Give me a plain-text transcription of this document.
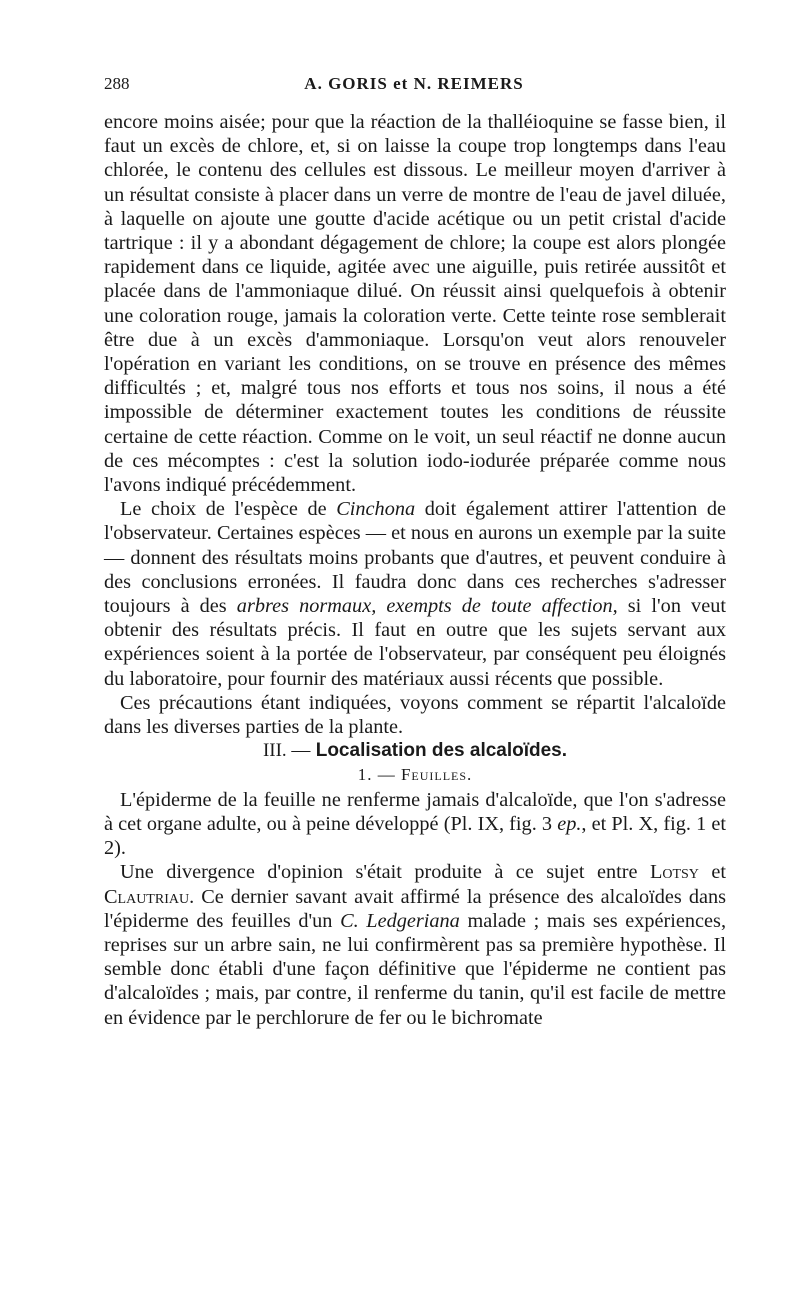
288	A. GORIS et N. REIMERS

encore moins aisée; pour que la réaction de la thalléioquine se fasse bien, il faut un excès de chlore, et, si on laisse la coupe trop longtemps dans l'eau chlorée, le contenu des cellules est dissous. Le meilleur moyen d'arriver à un résultat consiste à placer dans un verre de montre de l'eau de javel diluée, à laquelle on ajoute une goutte d'acide acétique ou un petit cristal d'acide tartrique : il y a abondant dégagement de chlore; la coupe est alors plongée rapidement dans ce liquide, agitée avec une aiguille, puis retirée aussitôt et placée dans de l'ammoniaque dilué. On réussit ainsi quelquefois à obtenir une coloration rouge, jamais la coloration verte. Cette teinte rose semblerait être due à un excès d'ammoniaque. Lorsqu'on veut alors renouveler l'opération en variant les conditions, on se trouve en présence des mêmes difficultés ; et, malgré tous nos efforts et tous nos soins, il nous a été impossible de déterminer exactement toutes les conditions de réussite certaine de cette réaction. Comme on le voit, un seul réactif ne donne aucun de ces mécomptes : c'est la solution iodo-iodurée préparée comme nous l'avons indiqué précédemment.

Le choix de l'espèce de Cinchona doit également attirer l'attention de l'observateur. Certaines espèces — et nous en aurons un exemple par la suite — donnent des résultats moins probants que d'autres, et peuvent conduire à des conclusions erronées. Il faudra donc dans ces recherches s'adresser toujours à des arbres normaux, exempts de toute affection, si l'on veut obtenir des résultats précis. Il faut en outre que les sujets servant aux expériences soient à la portée de l'observateur, par conséquent peu éloignés du laboratoire, pour fournir des matériaux aussi récents que possible.

Ces précautions étant indiquées, voyons comment se répartit l'alcaloïde dans les diverses parties de la plante.

III. — Localisation des alcaloïdes.

1. — Feuilles.

L'épiderme de la feuille ne renferme jamais d'alcaloïde, que l'on s'adresse à cet organe adulte, ou à peine développé (Pl. IX, fig. 3 ep., et Pl. X, fig. 1 et 2).

Une divergence d'opinion s'était produite à ce sujet entre Lotsy et Clautriau. Ce dernier savant avait affirmé la présence des alcaloïdes dans l'épiderme des feuilles d'un C. Ledgeriana malade ; mais ses expériences, reprises sur un arbre sain, ne lui confirmèrent pas sa première hypothèse. Il semble donc établi d'une façon définitive que l'épiderme ne contient pas d'alcaloïdes ; mais, par contre, il renferme du tanin, qu'il est facile de mettre en évidence par le perchlorure de fer ou le bichromate
